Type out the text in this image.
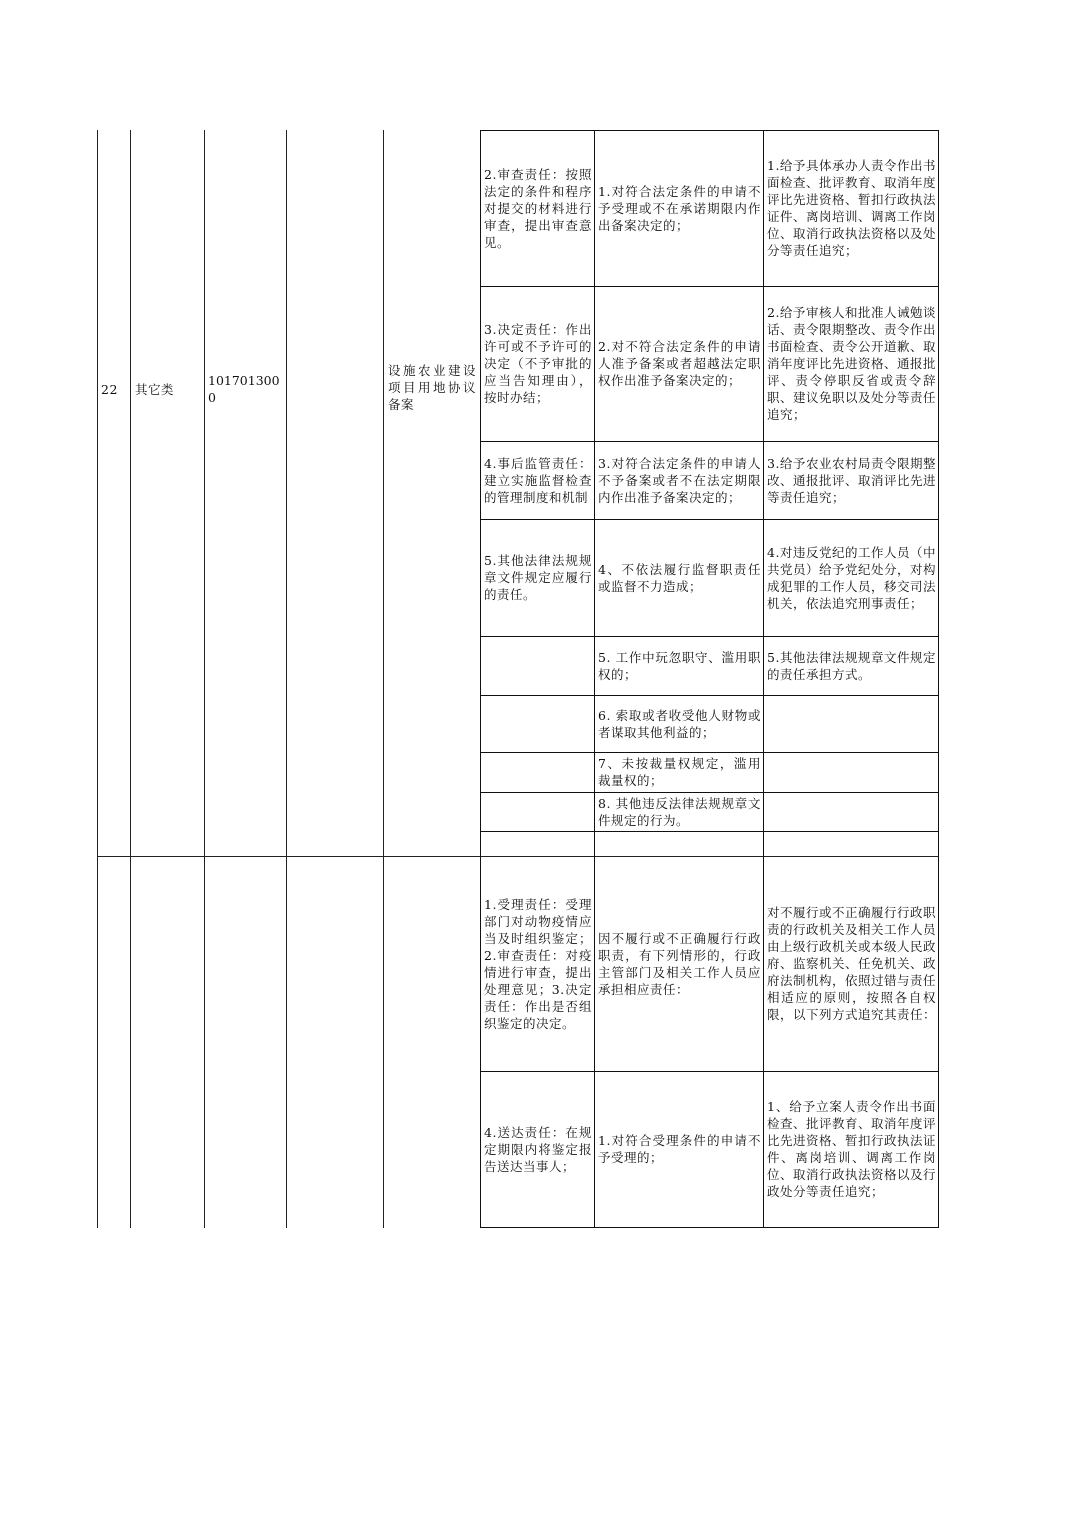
22	其它类
1017013000
设施农业建设项目用地协议备案
2.审查责任：按照法定的条件和程序对提交的材料进行审查，提出审查意见。
1.对符合法定条件的申请不予受理或不在承诺期限内作出备案决定的；
1.给予具体承办人责令作出书面检查、批评教育、取消年度评比先进资格、暂扣行政执法证件、离岗培训、调离工作岗位、取消行政执法资格以及处分等责任追究；
3.决定责任：作出许可或不予许可的决定（不予审批的应当告知理由），按时办结；
2.对不符合法定条件的申请人准予备案或者超越法定职权作出准予备案决定的；
2.给予审核人和批准人诫勉谈话、责令限期整改、责令作出书面检查、责令公开道歉、取消年度评比先进资格、通报批评、责令停职反省或责令辞职、建议免职以及处分等责任追究；
4.事后监管责任：建立实施监督检查的管理制度和机制
3.对符合法定条件的申请人不予备案或者不在法定期限内作出准予备案决定的；
3.给予农业农村局责令限期整改、通报批评、取消评比先进等责任追究；
5.其他法律法规规章文件规定应履行的责任。
4、不依法履行监督职责任或监督不力造成；
4.对违反党纪的工作人员（中共党员）给予党纪处分，对构成犯罪的工作人员，移交司法机关，依法追究刑事责任；
5. 工作中玩忽职守、滥用职权的；
5.其他法律法规规章文件规定的责任承担方式。
6. 索取或者收受他人财物或者谋取其他利益的；
7、未按裁量权规定，滥用裁量权的；
8. 其他违反法律法规规章文件规定的行为。
1.受理责任：受理部门对动物疫情应当及时组织鉴定；2.审查责任：对疫情进行审查，提出处理意见；3.决定责任：作出是否组织鉴定的决定。
因不履行或不正确履行行政职责，有下列情形的，行政主管部门及相关工作人员应承担相应责任：
对不履行或不正确履行行政职责的行政机关及相关工作人员由上级行政机关或本级人民政府、监察机关、任免机关、政府法制机构，依照过错与责任相适应的原则，按照各自权限，以下列方式追究其责任：
4.送达责任：在规定期限内将鉴定报告送达当事人；
1.对符合受理条件的申请不予受理的；
1、给予立案人责令作出书面检查、批评教育、取消年度评比先进资格、暂扣行政执法证件、离岗培训、调离工作岗位、取消行政执法资格以及行政处分等责任追究；
